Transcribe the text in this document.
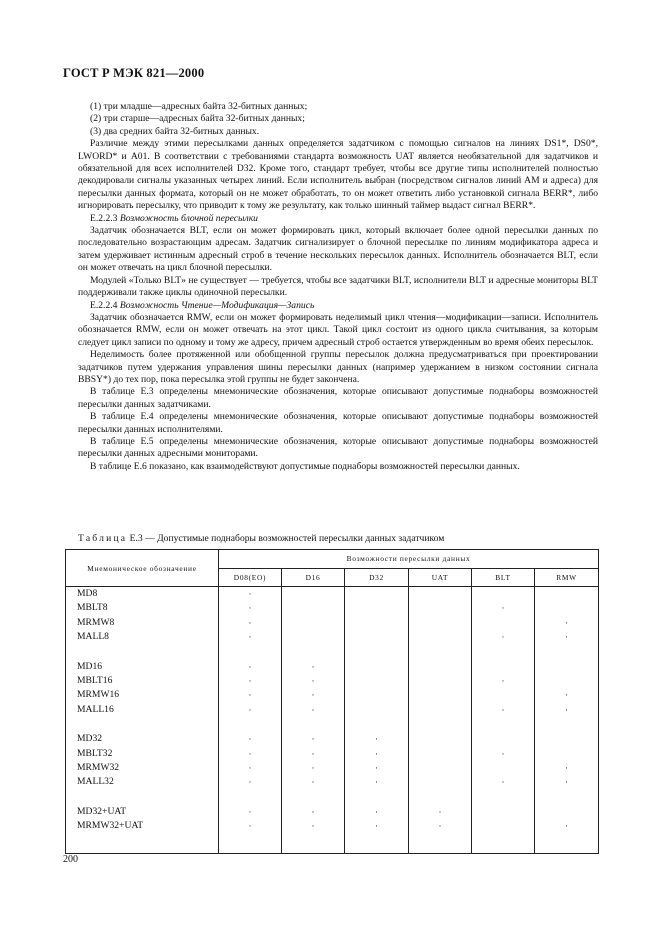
ГОСТ Р МЭК 821—2000

(1) три младше—адресных байта 32-битных данных;

(2) три старше—адресных байта 32-битных данных;

(3) два средних байта 32-битных данных.

Различие между этими пересылками данных определяется задатчиком с помощью сигналов на линиях DS1*, DS0*, LWORD* и A01. В соответствии с требованиями стандарта возможность UAT является необязательной для задатчиков и обязательной для всех исполнителей D32. Кроме того, стандарт требует, чтобы все другие типы исполнителей полностью декодировали сигналы указанных четырех линий. Если исполнитель выбран (посредством сигналов линий AM и адреса) для пересылки данных формата, который он не может обработать, то он может ответить либо установкой сигнала BERR*, либо игнорировать пересылку, что приводит к тому же результату, как только шинный таймер выдаст сигнал BERR*.

E.2.2.3 Возможность блочной пересылки

Задатчик обозначается BLT, если он может формировать цикл, который включает более одной пересылки данных по последовательно возрастающим адресам. Задатчик сигнализирует о блочной пересылке по линиям модификатора адреса и затем удерживает истинным адресный строб в течение нескольких пересылок данных. Исполнитель обозначается BLT, если он может отвечать на цикл блочной пересылки.

Модулей «Только BLT» не существует — требуется, чтобы все задатчики BLT, исполнители BLT и адресные мониторы BLT поддерживали также циклы одиночной пересылки.

E.2.2.4 Возможность Чтение—Модификация—Запись

Задатчик обозначается RMW, если он может формировать неделимый цикл чтения—модификации—записи. Исполнитель обозначается RMW, если он может отвечать на этот цикл. Такой цикл состоит из одного цикла считывания, за которым следует цикл записи по одному и тому же адресу, причем адресный строб остается утвержденным во время обеих пересылок.

Неделимость более протяженной или обобщенной группы пересылок должна предусматриваться при проектировании задатчиков путем удержания управления шины пересылки данных (например удержанием в низком состоянии сигнала BBSY*) до тех пор, пока пересылка этой группы не будет закончена.

В таблице E.3 определены мнемонические обозначения, которые описывают допустимые поднаборы возможностей пересылки данных задатчиками.

В таблице E.4 определены мнемонические обозначения, которые описывают допустимые поднаборы возможностей пересылки данных исполнителями.

В таблице E.5 определены мнемонические обозначения, которые описывают допустимые поднаборы возможностей пересылки данных адресными мониторами.

В таблице E.6 показано, как взаимодействуют допустимые поднаборы возможностей пересылки данных.

Таблица E.3 — Допустимые поднаборы возможностей пересылки данных задатчиком
Мнемоническое обозначение	Возможности пересылки данных					
	D08(EO)	D16	D32	UAT	BLT	RMW
MD8	·					
MBLT8	·				·	
MRMW8	·					·
MALL8	·				·	·

MD16	·	·				
MBLT16	·	·			·	
MRMW16	·	·				·
MALL16	·	·			·	·

MD32	·	·	·			
MBLT32	·	·	·		·	
MRMW32	·	·	·			·
MALL32	·	·	·		·	·

MD32+UAT	·	·	·	·		
MRMW32+UAT	·	·	·	·		·

200
